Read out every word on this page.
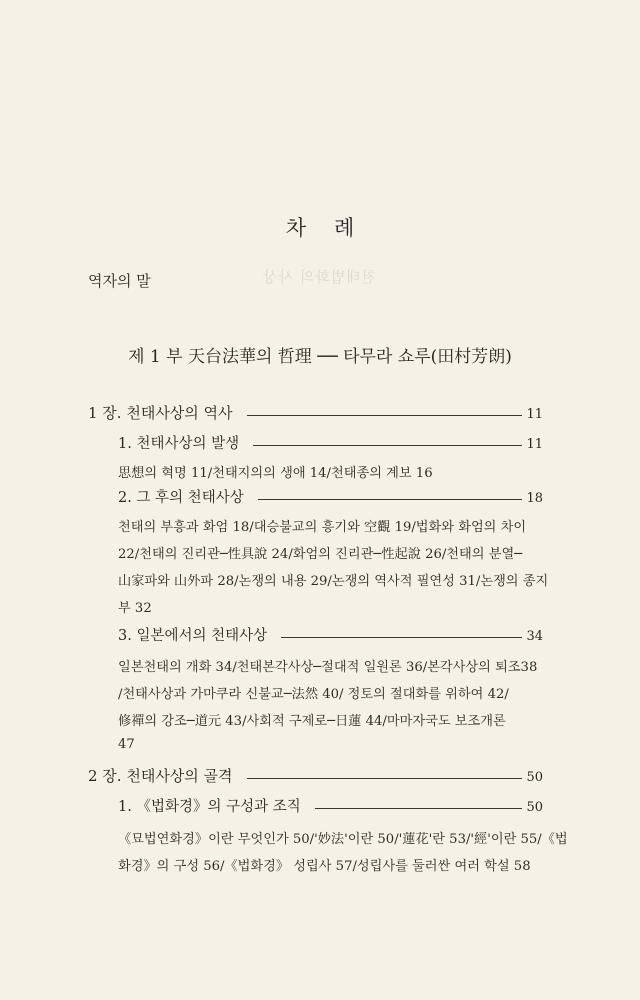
천태법화의 사상
차 례
역자의 말
제 1 부 天台法華의 哲理 ── 타무라 쇼루(田村芳朗)
1 장. 천태사상의 역사	11
1. 천태사상의 발생	11
思想의 혁명 11/천태지의의 생애 14/천태종의 계보 16
2. 그 후의 천태사상	18
천태의 부흥과 화엄 18/대승불교의 흥기와 空觀 19/법화와 화엄의 차이
22/천태의 진리관─性具說 24/화엄의 진리관─性起說 26/천태의 분열─
山家파와 山外파 28/논쟁의 내용 29/논쟁의 역사적 필연성 31/논쟁의 종지
부 32
3. 일본에서의 천태사상	34
일본천태의 개화 34/천태본각사상─절대적 일원론 36/본각사상의 퇴조38
/천태사상과 가마쿠라 신불교─法然 40/ 정토의 절대화를 위하여 42/
修禪의 강조─道元 43/사회적 구제로─日蓮 44/마마자국도 보조개론
47
2 장. 천태사상의 골격	50
1. 《법화경》의 구성과 조직	50
《묘법연화경》이란 무엇인가 50/'妙法'이란 50/'蓮花'란 53/'經'이란 55/《법
화경》의 구성 56/《법화경》 성립사 57/성립사를 둘러싼 여러 학설 58
